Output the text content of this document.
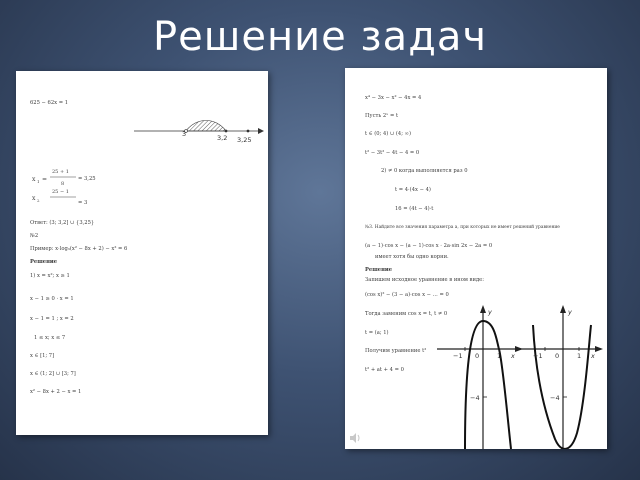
Решение задач
625 − 62x = 1
3	3,2 3,25
x 1 =
25 + 1
8
x 2
25 − 1
= 3,25
= 3
Ответ: (3; 3,2] ∪ {3,25}
№2
Пример: x·log₃(x² − 8x + 2) − x² = 6
Решение
1) x = x²; x ≥ 1
x − 1 ≥ 0 · x = 1
x − 1 = 1 ; x = 2
1 ≤ x; x ≤ 7
x ∈ [1; 7]
x ∈ (1; 2] ∪ [3; 7]
x² − 8x + 2 − x = 1
x⁴ − 3x − x² − 4x = 4
Пусть 2ˣ = t
t ∈ (0; 4) ∪ (4; ∞)
t² − 3t² − 4t − 4 = 0
2) ≠ 0 когда выполняется раз 0
t = 4·(4x − 4)
16 = (4t − 4)·t
№3. Найдите все значения параметра a, при которых не имеет решений уравнение
(a − 1)·cos x − (a − 1)·cos x · 2a·sin 2x − 2a = 0
имеет хотя бы одно корни.
Решение
Запишем исходное уравнение в ином виде:
(cos x)² − (3 − a)·cos x − … = 0
Тогда заменим cos x = t, t ≠ 0
t = (a; 1)
Получим уравнение t²
t² + at + 4 = 0
y
x
−1 0	1
−4
y
x
−1 0	1
−4
